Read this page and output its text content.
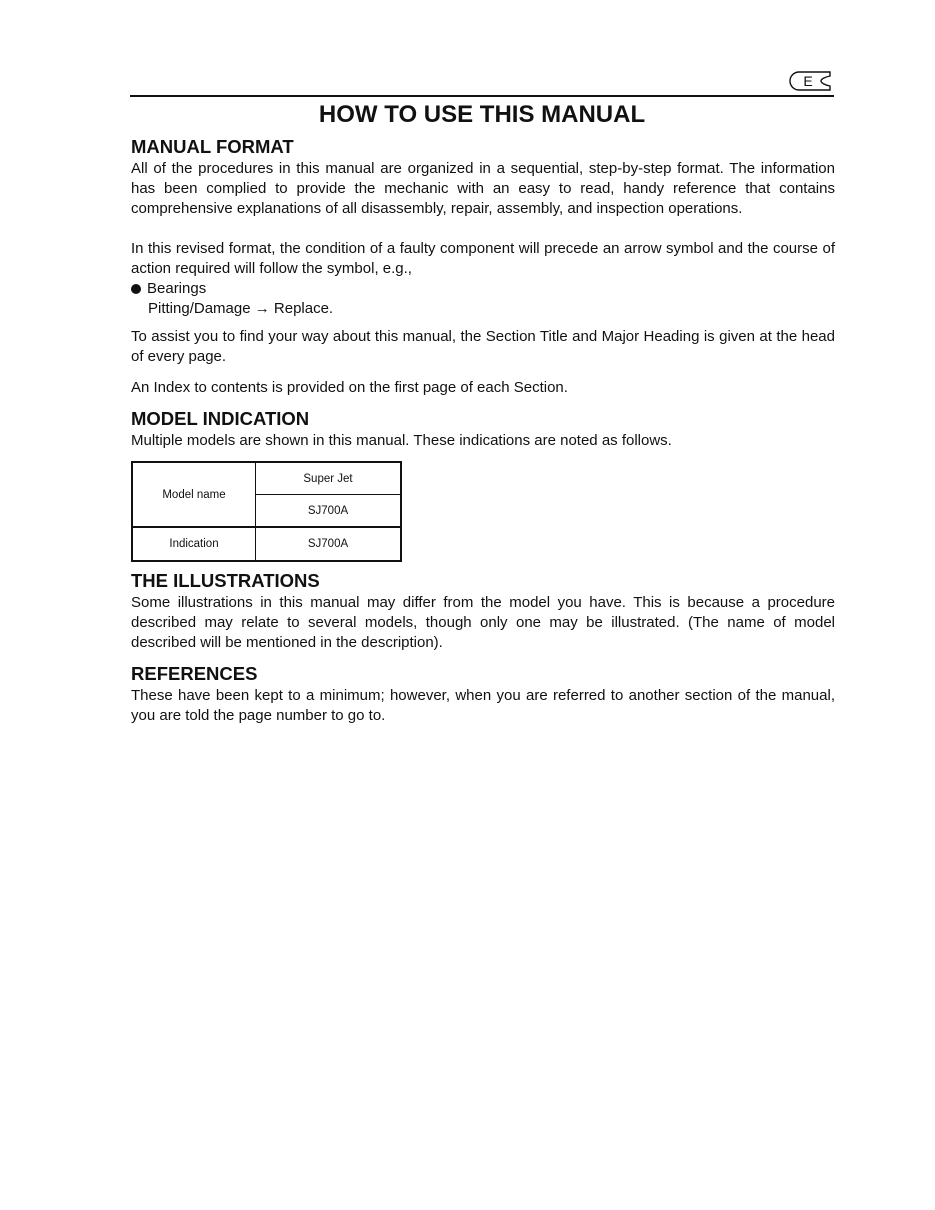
E
HOW TO USE THIS MANUAL
MANUAL FORMAT

All of the procedures in this manual are organized in a sequential, step-by-step format. The information has been complied to provide the mechanic with an easy to read, handy reference that contains comprehensive explanations of all disassembly, repair, assembly, and inspection operations.

In this revised format, the condition of a faulty component will precede an arrow symbol and the course of action required will follow the symbol, e.g.,

Bearings

Pitting/Damage → Replace.

To assist you to find your way about this manual, the Section Title and Major Heading is given at the head of every page.

An Index to contents is provided on the first page of each Section.

MODEL INDICATION

Multiple models are shown in this manual. These indications are noted as follows.

Model name	Super Jet
	SJ700A
Indication	SJ700A
THE ILLUSTRATIONS

Some illustrations in this manual may differ from the model you have. This is because a procedure described may relate to several models, though only one may be illustrated. (The name of model described will be mentioned in the description).

REFERENCES

These have been kept to a minimum; however, when you are referred to another section of the manual, you are told the page number to go to.
